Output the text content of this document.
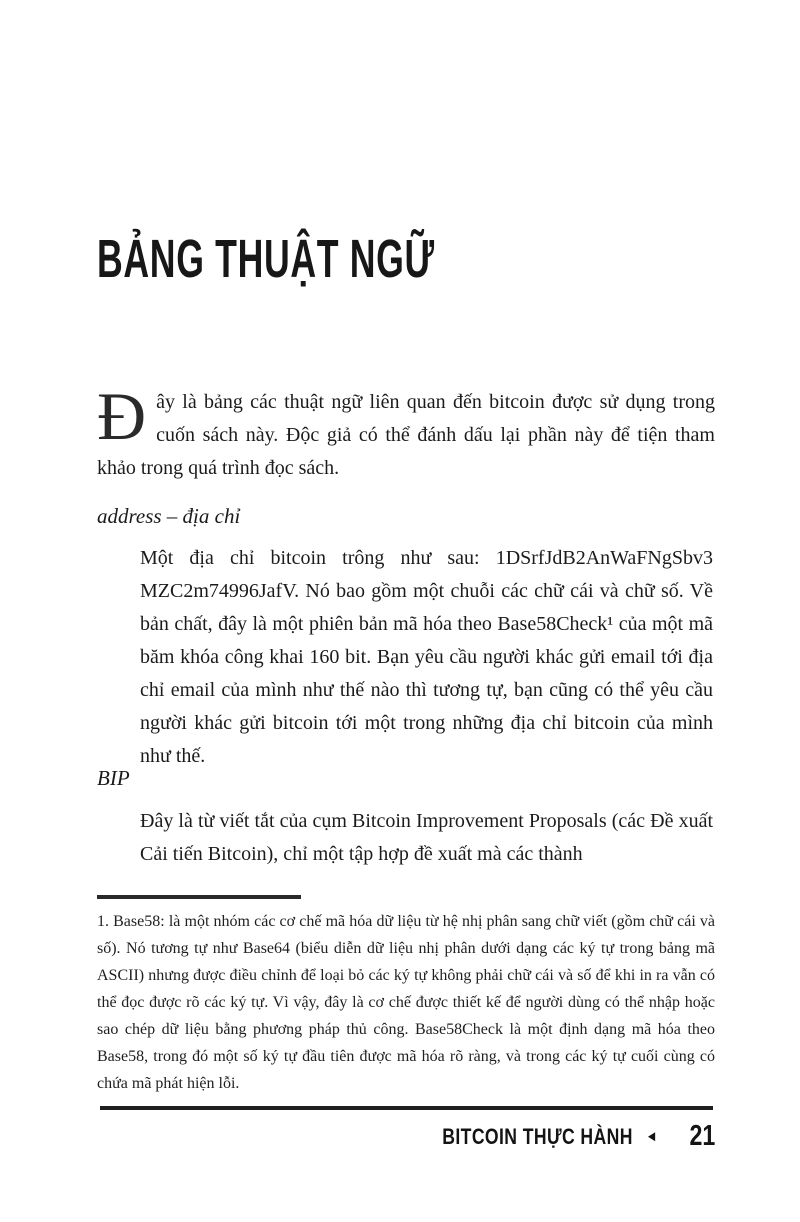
BẢNG THUẬT NGỮ
Đây là bảng các thuật ngữ liên quan đến bitcoin được sử dụng trong cuốn sách này. Độc giả có thể đánh dấu lại phần này để tiện tham khảo trong quá trình đọc sách.
address – địa chỉ
Một địa chỉ bitcoin trông như sau: 1DSrfJdB2AnWaFNgSbv3 MZC2m74996JafV. Nó bao gồm một chuỗi các chữ cái và chữ số. Về bản chất, đây là một phiên bản mã hóa theo Base58Check¹ của một mã băm khóa công khai 160 bit. Bạn yêu cầu người khác gửi email tới địa chỉ email của mình như thế nào thì tương tự, bạn cũng có thể yêu cầu người khác gửi bitcoin tới một trong những địa chỉ bitcoin của mình như thế.
BIP
Đây là từ viết tắt của cụm Bitcoin Improvement Proposals (các Đề xuất Cải tiến Bitcoin), chỉ một tập hợp đề xuất mà các thành
1. Base58: là một nhóm các cơ chế mã hóa dữ liệu từ hệ nhị phân sang chữ viết (gồm chữ cái và số). Nó tương tự như Base64 (biểu diễn dữ liệu nhị phân dưới dạng các ký tự trong bảng mã ASCII) nhưng được điều chỉnh để loại bỏ các ký tự không phải chữ cái và số để khi in ra vẫn có thể đọc được rõ các ký tự. Vì vậy, đây là cơ chế được thiết kế để người dùng có thể nhập hoặc sao chép dữ liệu bằng phương pháp thủ công. Base58Check là một định dạng mã hóa theo Base58, trong đó một số ký tự đầu tiên được mã hóa rõ ràng, và trong các ký tự cuối cùng có chứa mã phát hiện lỗi.
BITCOIN THỰC HÀNH ◄ 21
